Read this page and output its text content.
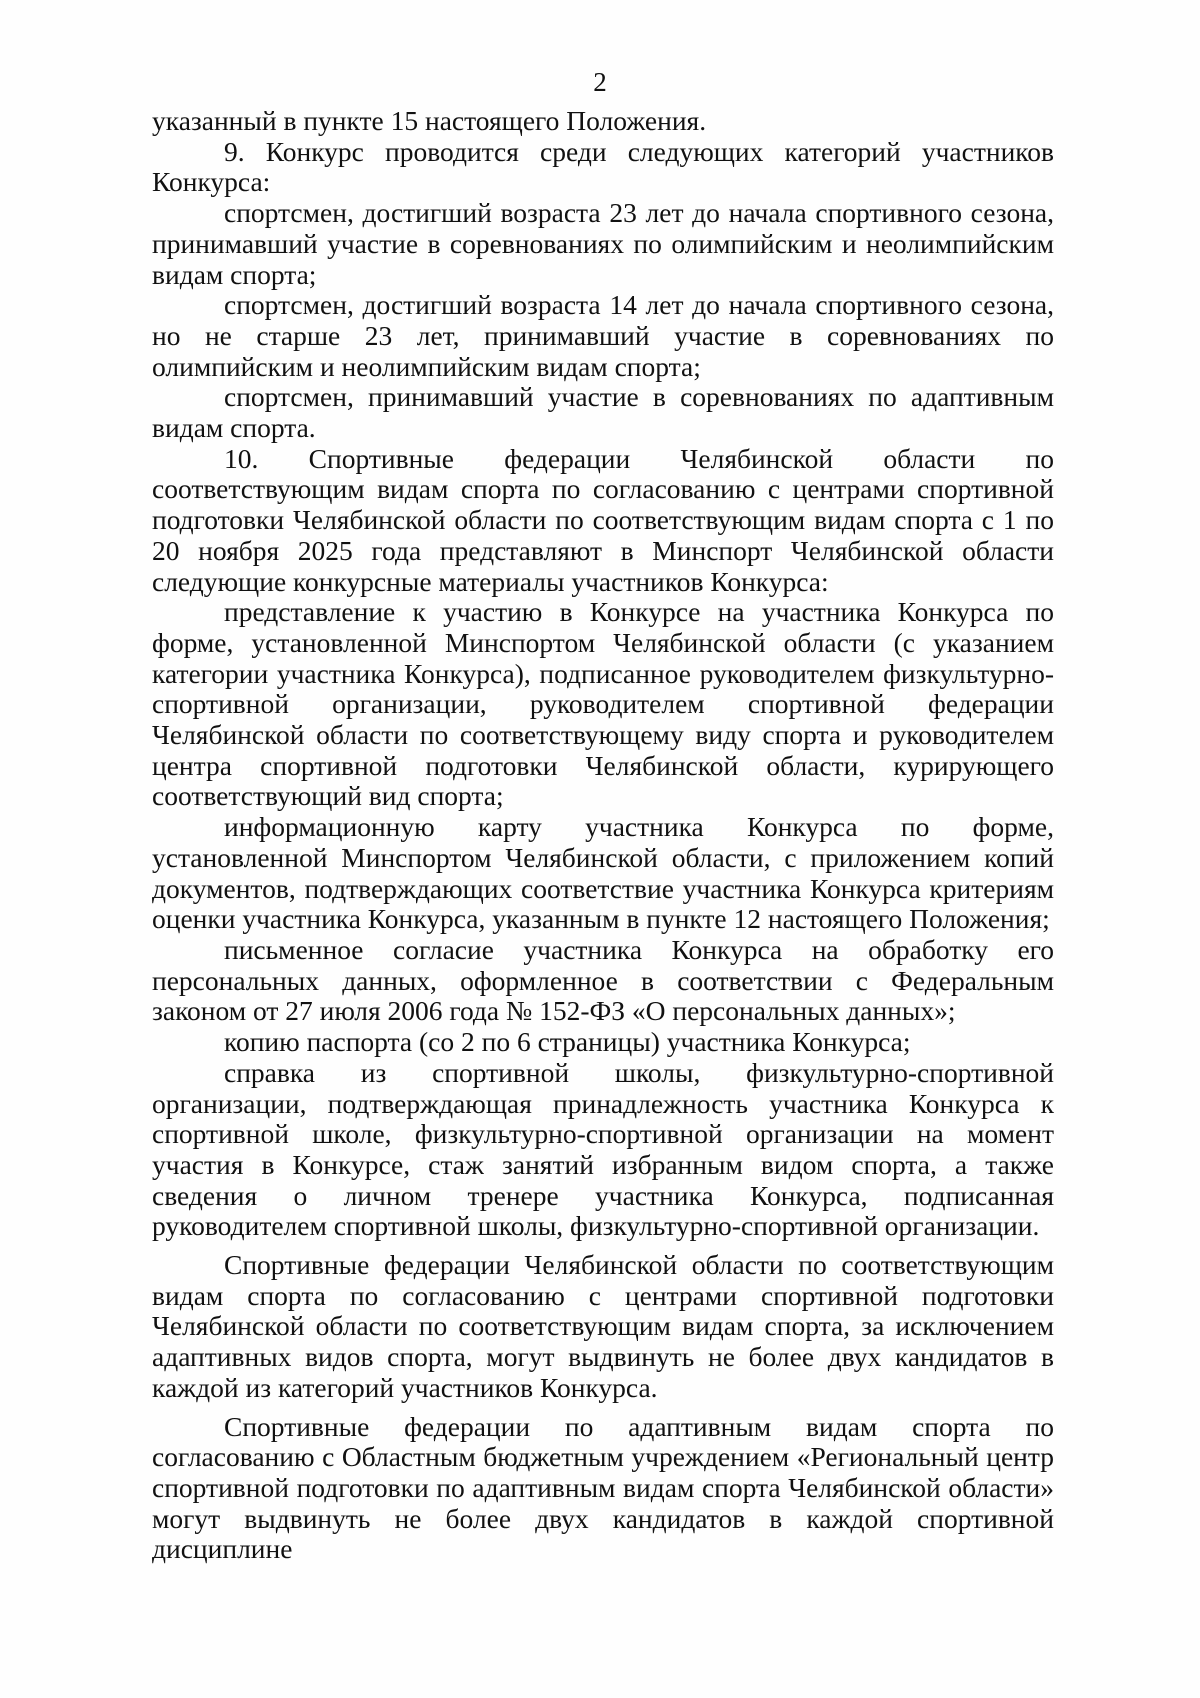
2

указанный в пункте 15 настоящего Положения.

9. Конкурс проводится среди следующих категорий участников Конкурса:

спортсмен, достигший возраста 23 лет до начала спортивного сезона, принимавший участие в соревнованиях по олимпийским и неолимпийским видам спорта;

спортсмен, достигший возраста 14 лет до начала спортивного сезона, но не старше 23 лет, принимавший участие в соревнованиях по олимпийским и неолимпийским видам спорта;

спортсмен, принимавший участие в соревнованиях по адаптивным видам спорта.

10. Спортивные федерации Челябинской области по соответствующим видам спорта по согласованию с центрами спортивной подготовки Челябинской области по соответствующим видам спорта с 1 по 20 ноября 2025 года представляют в Минспорт Челябинской области следующие конкурсные материалы участников Конкурса:

представление к участию в Конкурсе на участника Конкурса по форме, установленной Минспортом Челябинской области (с указанием категории участника Конкурса), подписанное руководителем физкультурно-спортивной организации, руководителем спортивной федерации Челябинской области по соответствующему виду спорта и руководителем центра спортивной подготовки Челябинской области, курирующего соответствующий вид спорта;

информационную карту участника Конкурса по форме, установленной Минспортом Челябинской области, с приложением копий документов, подтверждающих соответствие участника Конкурса критериям оценки участника Конкурса, указанным в пункте 12 настоящего Положения;

письменное согласие участника Конкурса на обработку его персональных данных, оформленное в соответствии с Федеральным законом от 27 июля 2006 года № 152-ФЗ «О персональных данных»;

копию паспорта (со 2 по 6 страницы) участника Конкурса;

справка из спортивной школы, физкультурно-спортивной организации, подтверждающая принадлежность участника Конкурса к спортивной школе, физкультурно-спортивной организации на момент участия в Конкурсе, стаж занятий избранным видом спорта, а также сведения о личном тренере участника Конкурса, подписанная руководителем спортивной школы, физкультурно-спортивной организации.

Спортивные федерации Челябинской области по соответствующим видам спорта по согласованию с центрами спортивной подготовки Челябинской области по соответствующим видам спорта, за исключением адаптивных видов спорта, могут выдвинуть не более двух кандидатов в каждой из категорий участников Конкурса.

Спортивные федерации по адаптивным видам спорта по согласованию с Областным бюджетным учреждением «Региональный центр спортивной подготовки по адаптивным видам спорта Челябинской области» могут выдвинуть не более двух кандидатов в каждой спортивной дисциплине
